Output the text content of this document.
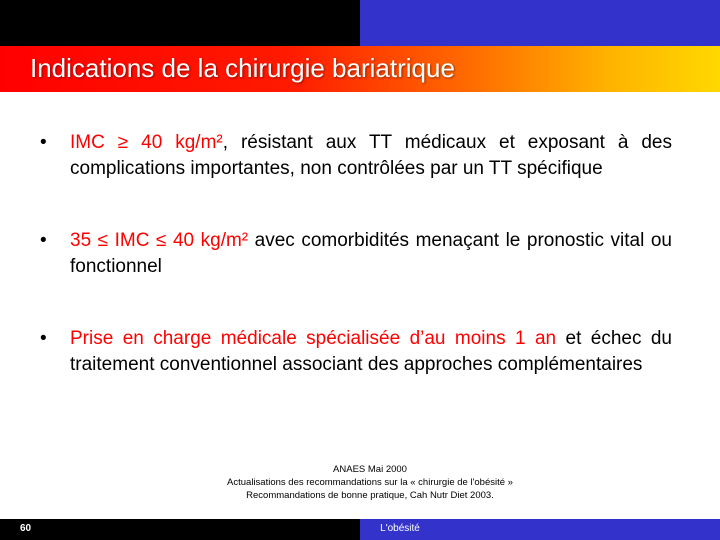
Indications de la chirurgie bariatrique
•	IMC ≥ 40 kg/m², résistant aux TT médicaux et exposant à des complications importantes, non contrôlées par un TT spécifique
•	35 ≤ IMC ≤ 40 kg/m² avec comorbidités menaçant le pronostic vital ou fonctionnel
•	Prise en charge médicale spécialisée d’au moins 1 an et échec du traitement conventionnel associant des approches complémentaires
ANAES Mai 2000
Actualisations des recommandations sur la « chirurgie de l'obésité »
Recommandations de bonne pratique, Cah Nutr Diet 2003.
60	L'obésité
